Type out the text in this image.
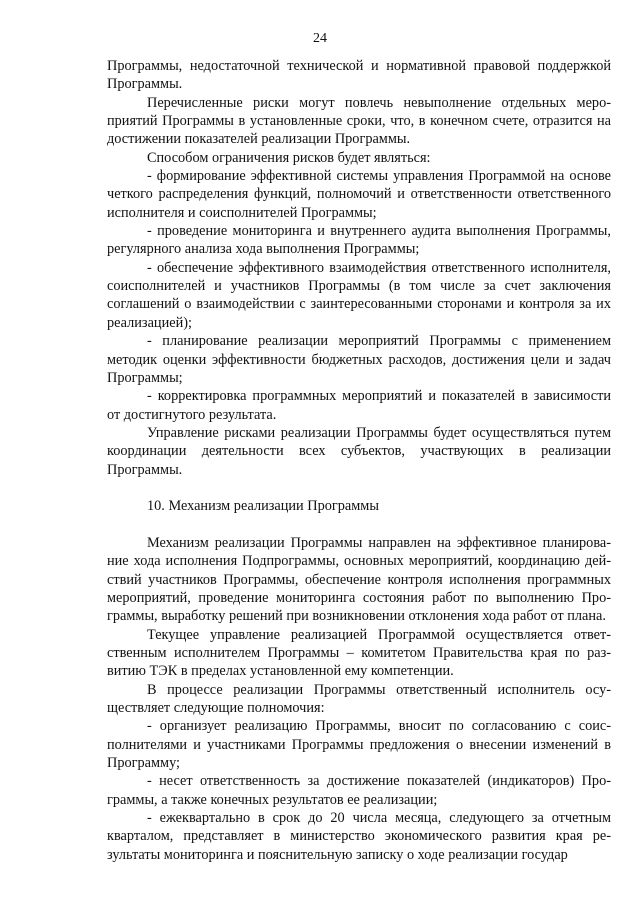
24

Программы, недостаточной технической и нормативной правовой поддержкой Программы.

Перечисленные риски могут повлечь невыполнение отдельных мероприятий Программы в установленные сроки, что, в конечном счете, отразится на достижении показателей реализации Программы.

Способом ограничения рисков будет являться:

- формирование эффективной системы управления Программой на основе четкого распределения функций, полномочий и ответственности ответственного исполнителя и соисполнителей Программы;

- проведение мониторинга и внутреннего аудита выполнения Программы, регулярного анализа хода выполнения Программы;

- обеспечение эффективного взаимодействия ответственного исполнителя, соисполнителей и участников Программы (в том числе за счет заключения соглашений о взаимодействии с заинтересованными сторонами и контроля за их реализацией);

- планирование реализации мероприятий Программы с применением методик оценки эффективности бюджетных расходов, достижения цели и задач Программы;

- корректировка программных мероприятий и показателей в зависимости от достигнутого результата.

Управление рисками реализации Программы будет осуществляться путем координации деятельности всех субъектов, участвующих в реализации Программы.

10. Механизм реализации Программы

Механизм реализации Программы направлен на эффективное планирование хода исполнения Подпрограммы, основных мероприятий, координацию действий участников Программы, обеспечение контроля исполнения программных мероприятий, проведение мониторинга состояния работ по выполнению Программы, выработку решений при возникновении отклонения хода работ от плана.

Текущее управление реализацией Программой осуществляется ответственным исполнителем Программы – комитетом Правительства края по развитию ТЭК в пределах установленной ему компетенции.

В процессе реализации Программы ответственный исполнитель осуществляет следующие полномочия:

- организует реализацию Программы, вносит по согласованию с соисполнителями и участниками Программы предложения о внесении изменений в Программу;

- несет ответственность за достижение показателей (индикаторов) Программы, а также конечных результатов ее реализации;

- ежеквартально в срок до 20 числа месяца, следующего за отчетным кварталом, представляет в министерство экономического развития края результаты мониторинга и пояснительную записку о ходе реализации государ
